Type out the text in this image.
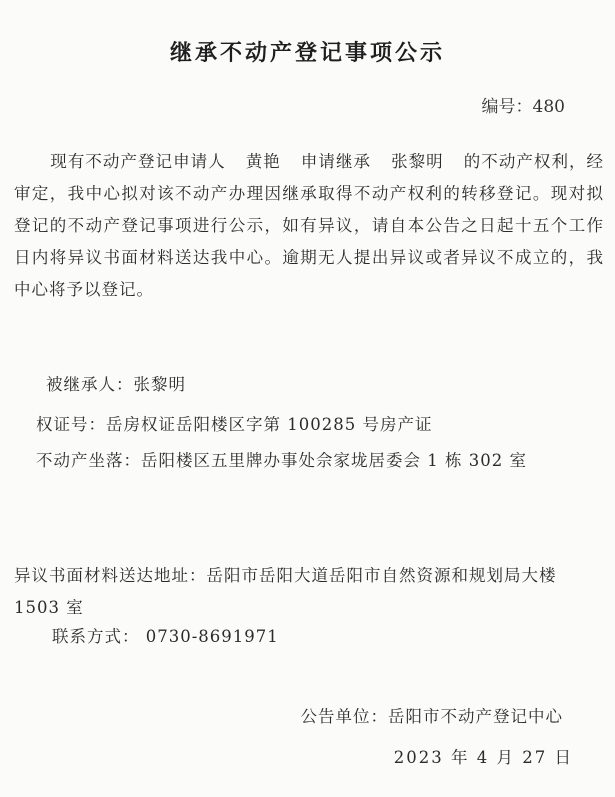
继承不动产登记事项公示
编号：480

现有不动产登记申请人 黄艳 申请继承 张黎明 的不动产权利，经审定，我中心拟对该不动产办理因继承取得不动产权利的转移登记。现对拟登记的不动产登记事项进行公示，如有异议，请自本公告之日起十五个工作日内将异议书面材料送达我中心。逾期无人提出异议或者异议不成立的，我中心将予以登记。

被继承人：张黎明
权证号：岳房权证岳阳楼区字第 100285 号房产证
不动产坐落：岳阳楼区五里牌办事处佘家垅居委会 1 栋 302 室
异议书面材料送达地址：岳阳市岳阳大道岳阳市自然资源和规划局大楼 1503 室
联系方式： 0730-8691971
公告单位：岳阳市不动产登记中心
2023 年 4 月 27 日
